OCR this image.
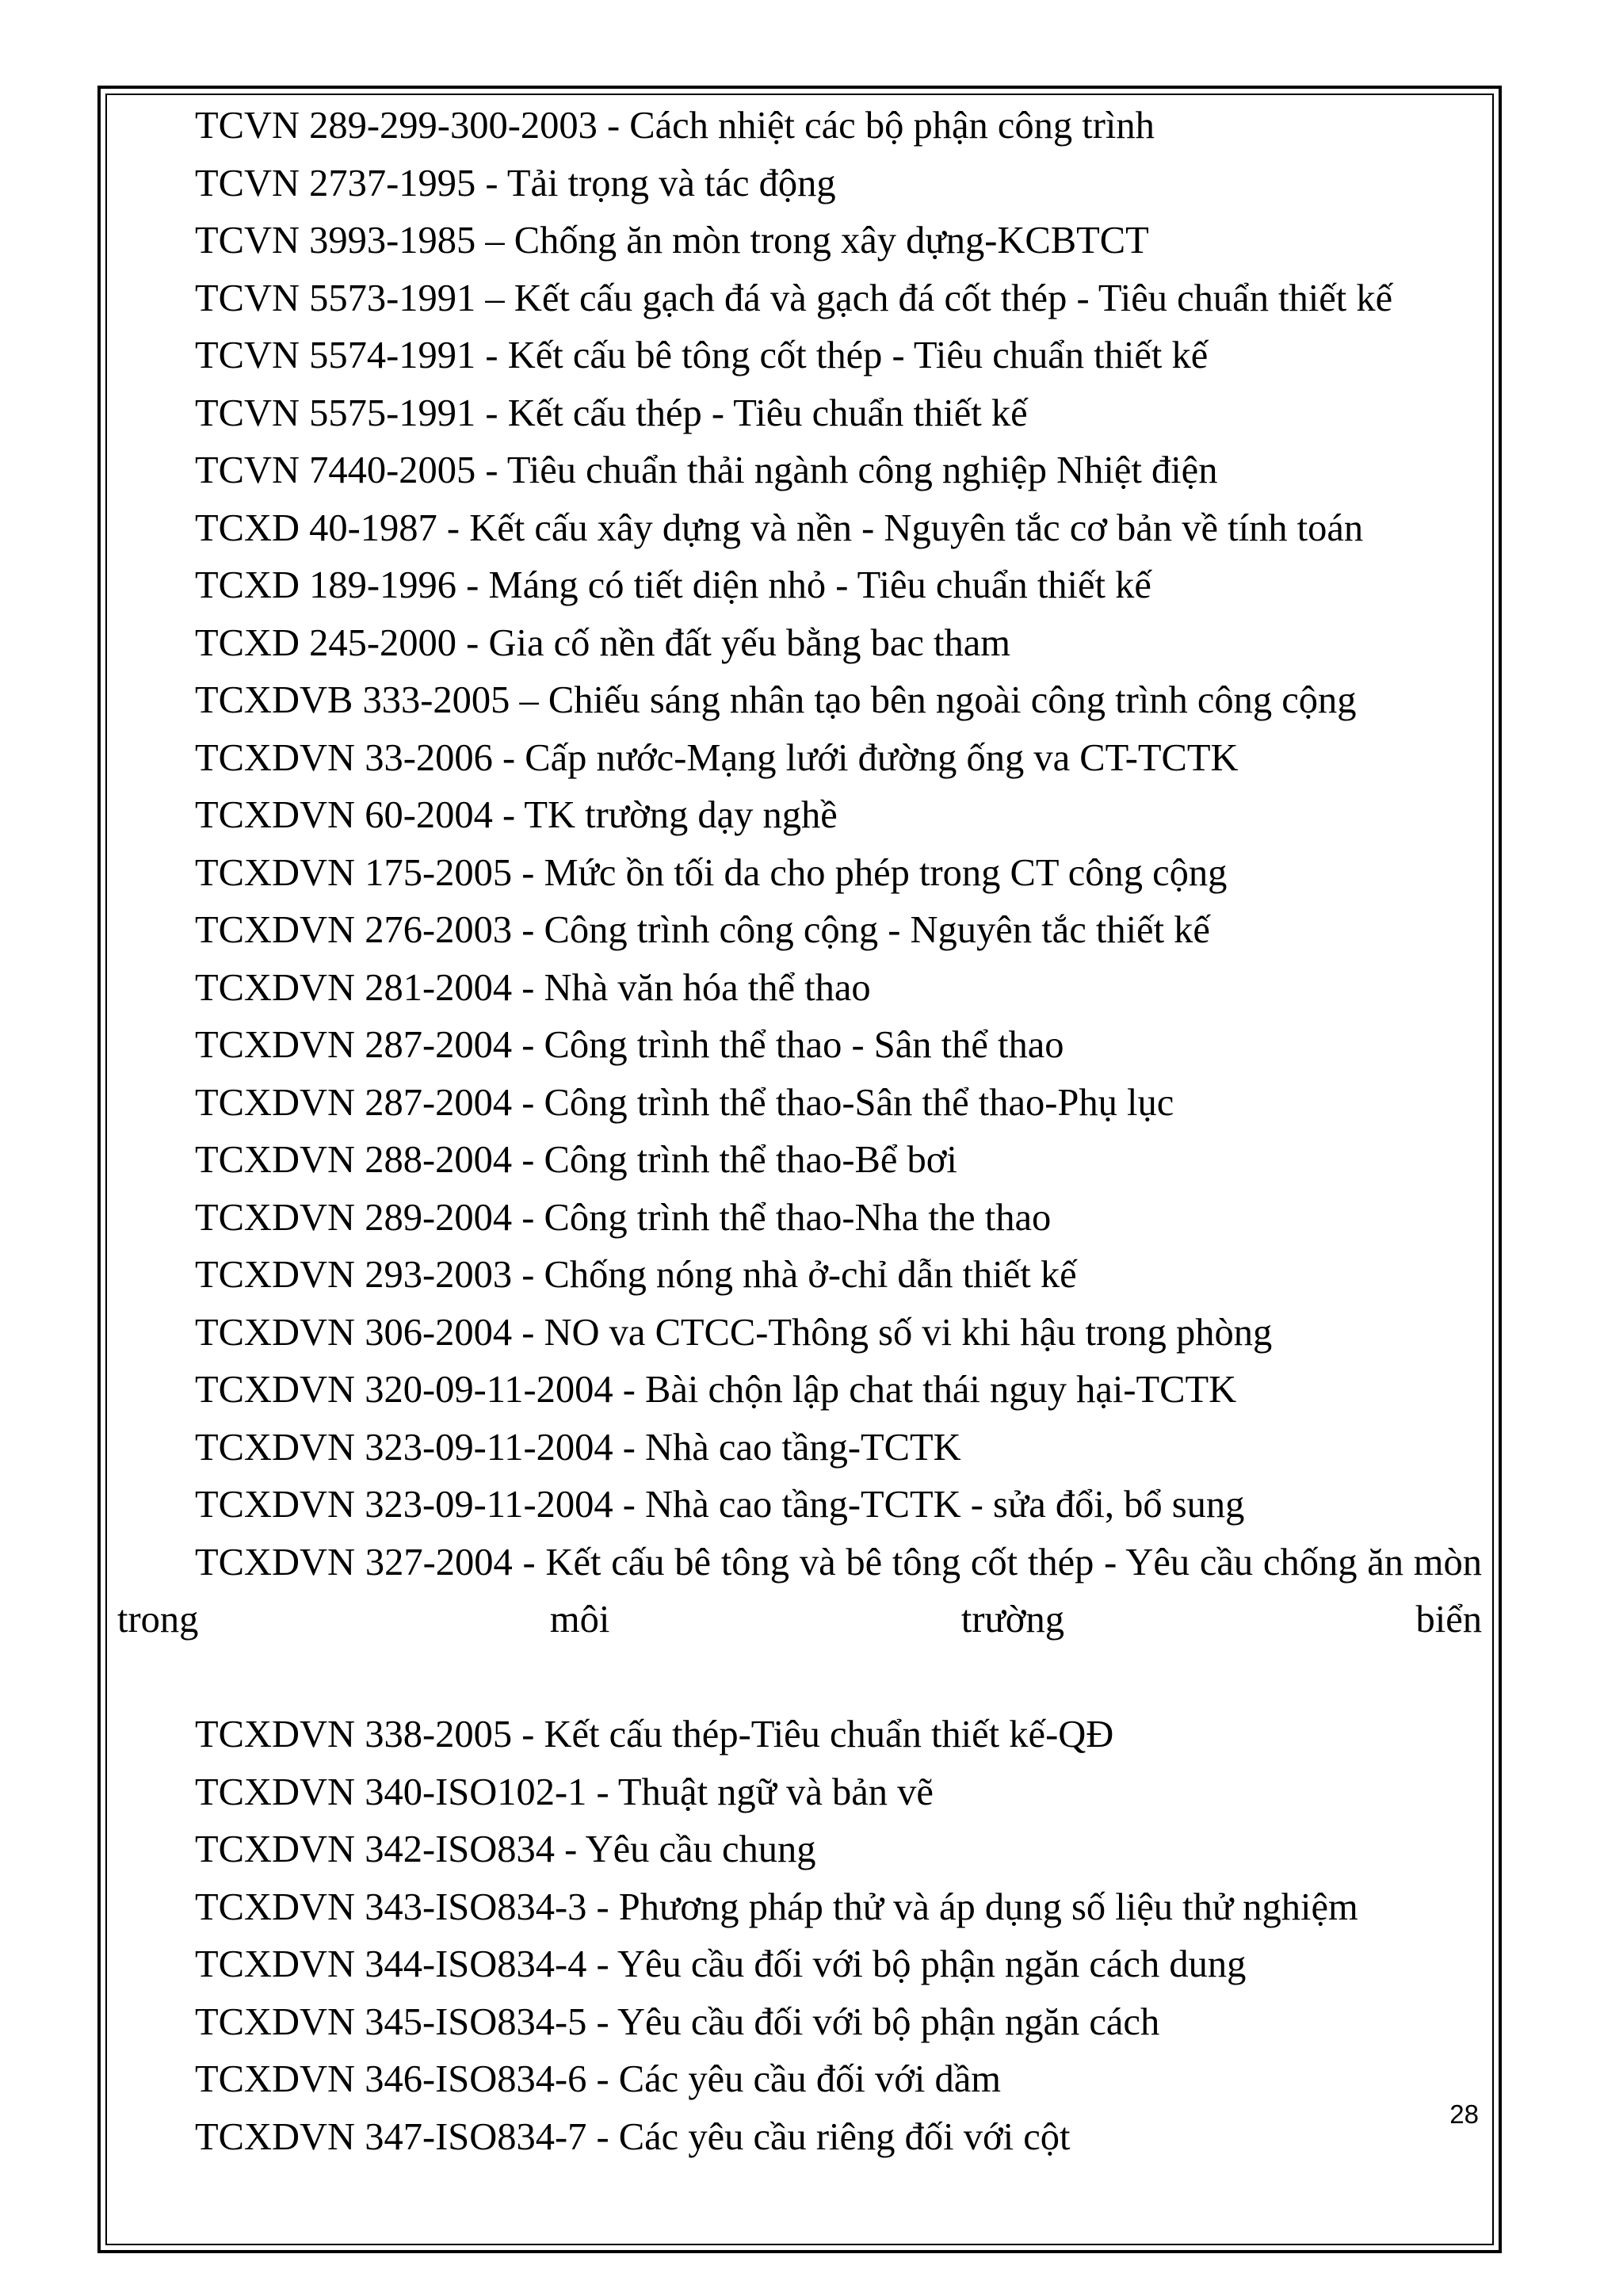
TCVN 289-299-300-2003 - Cách nhiệt các bộ phận công trình
TCVN 2737-1995 - Tải trọng và tác động
TCVN 3993-1985 – Chống ăn mòn trong xây dựng-KCBTCT
TCVN 5573-1991 – Kết cấu gạch đá và gạch đá cốt thép - Tiêu chuẩn thiết kế
TCVN 5574-1991 - Kết cấu bê tông cốt thép - Tiêu chuẩn thiết kế
TCVN 5575-1991 - Kết cấu thép - Tiêu chuẩn thiết kế
TCVN 7440-2005 - Tiêu chuẩn thải ngành công nghiệp Nhiệt điện
TCXD 40-1987 - Kết cấu xây dựng và nền - Nguyên tắc cơ bản về tính toán
TCXD 189-1996 - Máng có tiết diện nhỏ - Tiêu chuẩn thiết kế
TCXD 245-2000 - Gia cố nền đất yếu bằng bac tham
TCXDVB 333-2005 – Chiếu sáng nhân tạo bên ngoài công trình công cộng
TCXDVN 33-2006 - Cấp nước-Mạng lưới đường ống va CT-TCTK
TCXDVN 60-2004 - TK trường dạy nghề
TCXDVN 175-2005 - Mức ồn tối da cho phép trong CT công cộng
TCXDVN 276-2003 - Công trình công cộng - Nguyên tắc thiết kế
TCXDVN 281-2004 - Nhà văn hóa thể thao
TCXDVN 287-2004 - Công trình thể thao - Sân thể thao
TCXDVN 287-2004 - Công trình thể thao-Sân thể thao-Phụ lục
TCXDVN 288-2004 - Công trình thể thao-Bể bơi
TCXDVN 289-2004 - Công trình thể thao-Nha the thao
TCXDVN 293-2003 - Chống nóng nhà ở-chỉ dẫn thiết kế
TCXDVN 306-2004 - NO va CTCC-Thông số vi khi hậu trong phòng
TCXDVN 320-09-11-2004 - Bài chộn lập chat thái nguy hại-TCTK
TCXDVN 323-09-11-2004 - Nhà cao tầng-TCTK
TCXDVN 323-09-11-2004 - Nhà cao tầng-TCTK - sửa đổi, bổ sung
TCXDVN 327-2004 - Kết cấu bê tông và bê tông cốt thép - Yêu cầu chống ăn mòn trong môi trường biển
TCXDVN 338-2005 - Kết cấu thép-Tiêu chuẩn thiết kế-QĐ
TCXDVN 340-ISO102-1 - Thuật ngữ và bản vẽ
TCXDVN 342-ISO834 - Yêu cầu chung
TCXDVN 343-ISO834-3 - Phương pháp thử và áp dụng số liệu thử nghiệm
TCXDVN 344-ISO834-4 - Yêu cầu đối với bộ phận ngăn cách dung
TCXDVN 345-ISO834-5 - Yêu cầu đối với bộ phận ngăn cách
TCXDVN 346-ISO834-6 - Các yêu cầu đối với dầm
TCXDVN 347-ISO834-7 - Các yêu cầu riêng đối với cột
28
